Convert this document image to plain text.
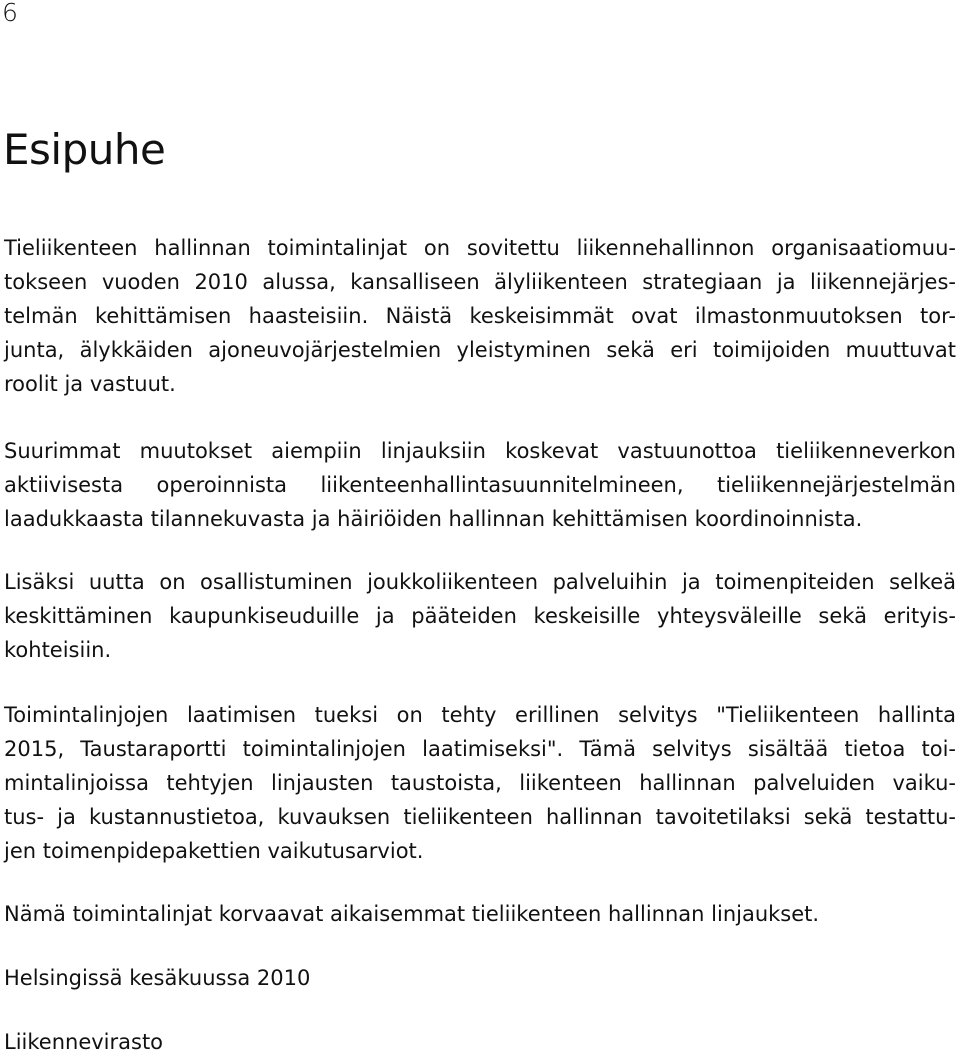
6
Esipuhe

Tieliikenteen hallinnan toimintalinjat on sovitettu liikennehallinnon organisaatiomuu-
tokseen vuoden 2010 alussa, kansalliseen älyliikenteen strategiaan ja liikennejärjes-
telmän kehittämisen haasteisiin. Näistä keskeisimmät ovat ilmastonmuutoksen tor-
junta, älykkäiden ajoneuvojärjestelmien yleistyminen sekä eri toimijoiden muuttuvat
roolit ja vastuut.

Suurimmat muutokset aiempiin linjauksiin koskevat vastuunottoa tieliikenneverkon
aktiivisesta operoinnista liikenteenhallintasuunnitelmineen, tieliikennejärjestelmän
laadukkaasta tilannekuvasta ja häiriöiden hallinnan kehittämisen koordinoinnista.

Lisäksi uutta on osallistuminen joukkoliikenteen palveluihin ja toimenpiteiden selkeä
keskittäminen kaupunkiseuduille ja pääteiden keskeisille yhteysväleille sekä erityis-
kohteisiin.

Toimintalinjojen laatimisen tueksi on tehty erillinen selvitys "Tieliikenteen hallinta
2015, Taustaraportti toimintalinjojen laatimiseksi". Tämä selvitys sisältää tietoa toi-
mintalinjoissa tehtyjen linjausten taustoista, liikenteen hallinnan palveluiden vaiku-
tus- ja kustannustietoa, kuvauksen tieliikenteen hallinnan tavoitetilaksi sekä testattu-
jen toimenpidepakettien vaikutusarviot.

Nämä toimintalinjat korvaavat aikaisemmat tieliikenteen hallinnan linjaukset.

Helsingissä kesäkuussa 2010

Liikennevirasto
